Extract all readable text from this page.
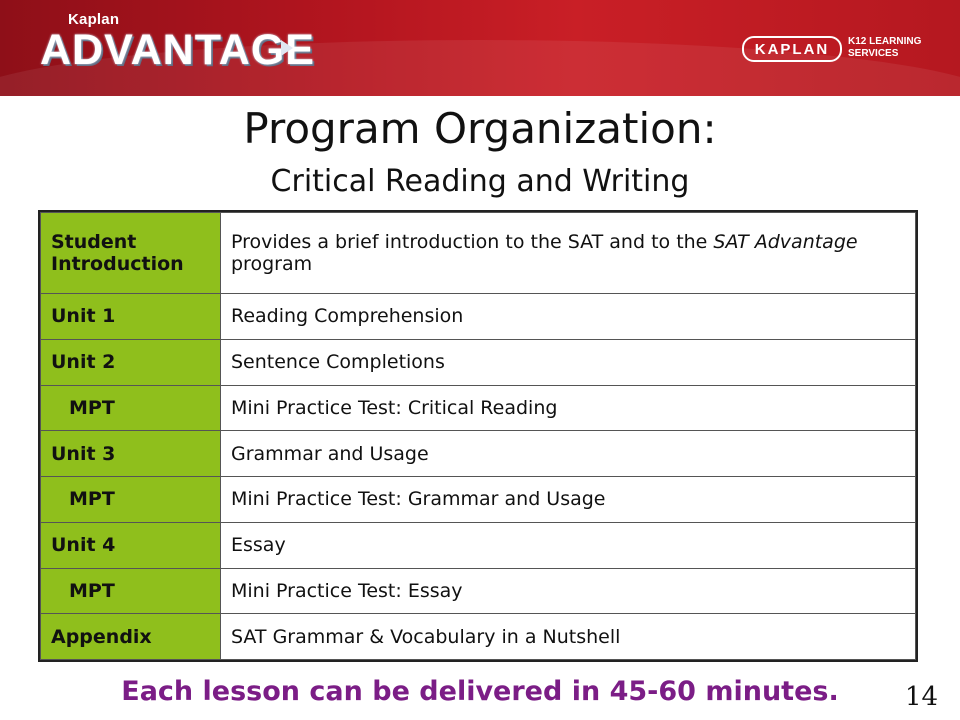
Kaplan
ADVANTAGE	KAPLAN	K12 LEARNING
SERVICES
Program Organization:
Critical Reading and Writing
Student Introduction	Provides a brief introduction to the SAT and to the SAT Advantage program
Unit 1	Reading Comprehension
Unit 2	Sentence Completions
MPT	Mini Practice Test: Critical Reading
Unit 3	Grammar and Usage
MPT	Mini Practice Test: Grammar and Usage
Unit 4	Essay
MPT	Mini Practice Test: Essay
Appendix	SAT Grammar & Vocabulary in a Nutshell
Each lesson can be delivered in 45-60 minutes.	14
